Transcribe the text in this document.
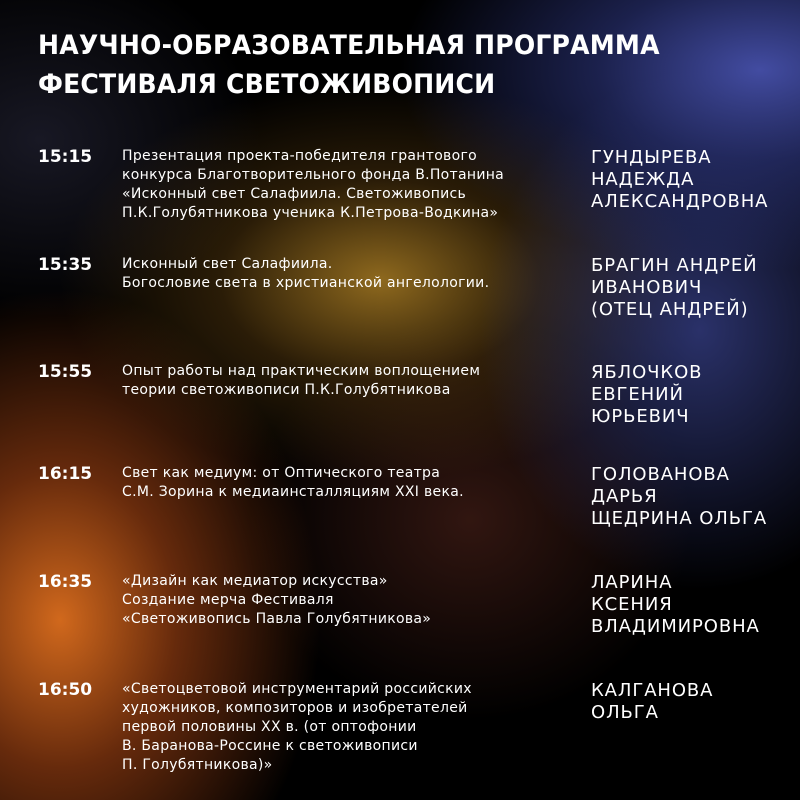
НАУЧНО-ОБРАЗОВАТЕЛЬНАЯ ПРОГРАММА
ФЕСТИВАЛЯ СВЕТОЖИВОПИСИ
15:15 Презентация проекта-победителя грантового
конкурса Благотворительного фонда В.Потанина
«Исконный свет Салафиила. Светоживопись
П.К.Голубятникова ученика К.Петрова-Водкина»
ГУНДЫРЕВА
НАДЕЖДА
АЛЕКСАНДРОВНА
15:35 Исконный свет Салафиила.
Богословие света в христианской ангелологии.
БРАГИН АНДРЕЙ
ИВАНОВИЧ
(ОТЕЦ АНДРЕЙ)
15:55 Опыт работы над практическим воплощением
теории светоживописи П.К.Голубятникова
ЯБЛОЧКОВ
ЕВГЕНИЙ
ЮРЬЕВИЧ
16:15 Свет как медиум: от Оптического театра
С.М. Зорина к медиаинсталляциям XXI века.
ГОЛОВАНОВА
ДАРЬЯ
ЩЕДРИНА ОЛЬГА
16:35 «Дизайн как медиатор искусства»
Создание мерча Фестиваля
«Светоживопись Павла Голубятникова»
ЛАРИНА
КСЕНИЯ
ВЛАДИМИРОВНА
16:50 «Светоцветовой инструментарий российских
художников, композиторов и изобретателей
первой половины XX в. (от оптофонии
В. Баранова-Россине к светоживописи
П. Голубятникова)»
КАЛГАНОВА
ОЛЬГА
